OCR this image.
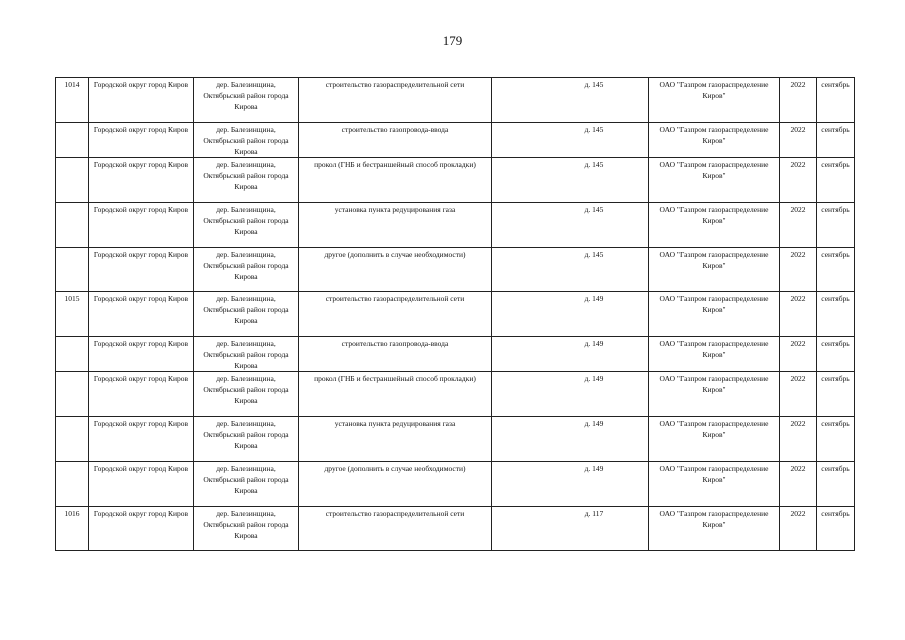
179
1014	Городской округ город Киров	дер. Балезинщина, Октябрьский район города Кирова	строительство газораспределительной сети	д. 145	ОАО "Газпром газораспределение Киров"	2022	сентябрь
	Городской округ город Киров	дер. Балезинщина, Октябрьский район города Кирова	строительство газопровода-ввода	д. 145	ОАО "Газпром газораспределение Киров"	2022	сентябрь
	Городской округ город Киров	дер. Балезинщина, Октябрьский район города Кирова	прокол (ГНБ и бестраншейный способ прокладки)	д. 145	ОАО "Газпром газораспределение Киров"	2022	сентябрь
	Городской округ город Киров	дер. Балезинщина, Октябрьский район города Кирова	установка пункта редуцирования газа	д. 145	ОАО "Газпром газораспределение Киров"	2022	сентябрь
	Городской округ город Киров	дер. Балезинщина, Октябрьский район города Кирова	другое (дополнить в случае необходимости)	д. 145	ОАО "Газпром газораспределение Киров"	2022	сентябрь
1015	Городской округ город Киров	дер. Балезинщина, Октябрьский район города Кирова	строительство газораспределительной сети	д. 149	ОАО "Газпром газораспределение Киров"	2022	сентябрь
	Городской округ город Киров	дер. Балезинщина, Октябрьский район города Кирова	строительство газопровода-ввода	д. 149	ОАО "Газпром газораспределение Киров"	2022	сентябрь
	Городской округ город Киров	дер. Балезинщина, Октябрьский район города Кирова	прокол (ГНБ и бестраншейный способ прокладки)	д. 149	ОАО "Газпром газораспределение Киров"	2022	сентябрь
	Городской округ город Киров	дер. Балезинщина, Октябрьский район города Кирова	установка пункта редуцирования газа	д. 149	ОАО "Газпром газораспределение Киров"	2022	сентябрь
	Городской округ город Киров	дер. Балезинщина, Октябрьский район города Кирова	другое (дополнить в случае необходимости)	д. 149	ОАО "Газпром газораспределение Киров"	2022	сентябрь
1016	Городской округ город Киров	дер. Балезинщина, Октябрьский район города Кирова	строительство газораспределительной сети	д. 117	ОАО "Газпром газораспределение Киров"	2022	сентябрь
